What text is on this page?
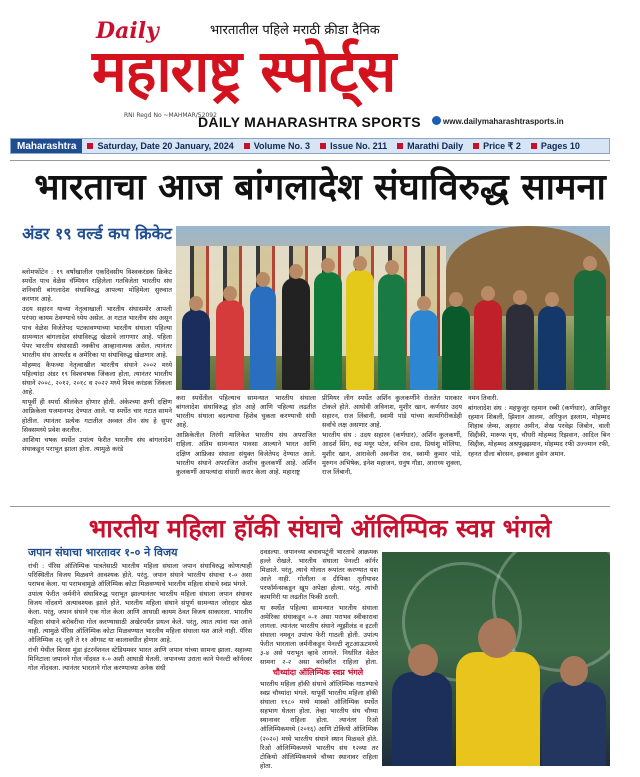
Daily	भारतातील पहिले मराठी क्रीडा दैनिक
महाराष्ट्र स्पोर्ट्स
RNI Regd No ~MAHMAR/52092
DAILY MAHARASHTRA SPORTS	www.dailymaharashtrasports.in
Maharashtra	Saturday, Date 20 January, 2024 Volume No. 3 Issue No. 211 Marathi Daily Price ₹ 2 Pages 10
भारताचा आज बांगलादेश संघाविरुद्ध सामना
अंडर १९ वर्ल्ड कप क्रिकेट

ब्लोमफोंटेन : १९ वर्षांखालील एकदिवसीय विश्वकरंडक क्रिकेट स्पर्धेत पाच वेळेस चॅम्पियन राहिलेला गतविजेता भारतीय संघ शनिवारी बांगलादेश संघाविरुद्ध आपल्या मोहिमेला सुरुवात करणार आहे.

उदय सहारन याच्या नेतृत्वाखाली भारतीय संघासमोर आपली परंपरा कायम ठेवण्याचे ध्येय असेल. अ गटात भारतीय संघ असून पाच वेळेस विजेतेपद पटकावण्याच्या भारतीय संघाला पहिल्या सामन्यात बांगलादेश संघाविरुद्ध खेळावे लागणार आहे. पहिला पेपर भारतीय संघासाठी नक्कीच आव्हानात्मक असेल. त्यानंतर भारतीय संघ आयर्लंड व अमेरिका या संघांविरुद्ध खेळणार आहे.

मोहम्मद कैफच्या नेतृत्वाखील भारतीय संघाने २००२ मध्ये पहिल्यांदा अंडर १९ विश्वचषक जिंकला होता, त्यानंतर भारतीय संघाने २००८, २०१२, २०१८ व २०२२ मध्ये विश्व करंडक जिंकला आहे.

यापूर्वी ही स्पर्धा श्रीलंकेत होणार होती. अंकेश्च्या क्षणी दक्षिण आफ्रिकेला यजमानपद देण्यात आले. या स्पर्धेत चार गटात सामने होतील. त्यानंतर प्रत्येक गटातील अव्वल तीन संघ हे सुपर सिक्समध्ये प्रवेश करतील.

आशिया चषक स्पर्धेत उपांत्य फेरीत भारतीय संघ बांगलादेश संघाकडून पराभूत झाला होता. त्यामुळे करंडे

करा स्पर्धेतील पहिल्याच सामन्यात भारतीय संघाला बांगलादेश संघाविरुद्ध होत आहे आणि पहिल्या लढतीत भारतीय संघाला बदल्याचा हिशेब चुकता करण्याची संधी आहे.

आफ्रिकेतील तिरंगी मालिकेत भारतीय संघ अपराजित राहिला. अंतिम सामन्यात पावसा आल्याने भारत आणि दक्षिण आफ्रिका संघाला संयुक्त विजेतेपद देण्यात आले. भारतीय संघाने अपराजित अशीच कुलकर्णी आहे. अर्शिन कुलकर्णी आपल्यांदा संधारी करार केला आहे. महाराष्ट्र

प्रीमियर लीग स्पर्धेत अर्शिन कुलकर्णीने रोलतेत पारकार टोकले होते. आघोवी अविनाश, मुशीर खान, कर्णधार उदय सहारन, राज लिंबानी, स्वामी पांडे यांच्या कामगिरीकडेही सर्वांचे लक्ष असणार आहे.

भारतीय संघ : उदय सहारन (कर्णधार), अर्शिन कुलकर्णी, आदर्श सिंग, रुद्र मयूर पटेल, सचिन दास, प्रियांशु मोलिया, मुशीर खान, आरावेली अवनीश राव, स्वामी कुमार पांडे, मुरुगन अभिषेक, इनेश महाजन, धनुष गौडा, आराध्य शुक्ला, राज लिंबानी,

नमन तिवारी.

बांगलादेश संघ : महफुजूर रहमान रब्बी (कर्णधार), आशिकूर रहमान शिबली, झिशान आलम, अरिफुल इस्लाम, मोहम्मद शिहाब जेम्स, अहरार अमीन, शेख परवेझ जिबोन, वाली सिद्दीकी, मारूफ मृध, चौधरी मोहम्मद रिझवान, आदिल बिन सिद्दीक, मोहम्मद अश्रफुझ्झमान, मोहम्मद रफी उज्ज्मान रफी, रहनत दौला बोरसन, इक्बाल हुसेन अमान.

भारतीय महिला हॉकी संघाचे ऑलिम्पिक स्वप्न भंगले
जपान संघाचा भारतावर १-० ने विजय

रांची : पॅरिस ऑलिम्पिक पात्रतेसाठी भारतीय महिला संघाला जपान संघाविरुद्ध कोणत्याही परिस्थितीत विजय मिळवणे आवश्यक होते. परंतु, जपान संघाने भारतीय संघाचा १-० असा पराभव केला. या पराभवामुळे ऑलिम्पिक कोटा मिळवण्याचे भारतीय महिला संघाचे स्वप्न भंगले.

उपांत्य फेरीत जर्मनीने संघाविरुद्ध पराभूत झाल्यानंतर भारतीय महिला संघाला जपान संघावर विजय नोंदवणे अत्यावश्यक झाले होते. भारतीय महिला संघाने संपूर्ण सामन्यात जोरदार खेळ केला. परंतु, जपान संघाने एक गोल केला आणि आघाडी कायम ठेवत विजय साकारला. भारतीय महिला संघाने बरोबरीचा गोल करण्यासाठी अखेरपर्यंत प्रयत्न केले. परंतु, त्यात त्यांना यश आले नाही. त्यामुळे पॅरिस ऑलिम्पिक कोटा मिळवण्यात भारतीय महिला संघाला यश आले नाही. पॅरिस ऑलिम्पिक २६ जुलै ते ११ ऑगस्ट या कालावधीत होणार आहे.

रांची येथील बिरसा मुंडा इंटरनॅशनल स्टेडियमवर भारत आणि जपान यांच्या सामना झाला. सहाव्या मिनिटाला जपानने गोल नोंदवत १-० अशी आघाडी घेतली. जपानच्या उराता काने पेनल्टी कॉर्नरवर गोल नोंदवला. त्यानंतर भारताने गोल करण्याच्या अनेक संधी

दवडल्या. जपानच्या बचावपटूंनी भारताचे आक्रमक हल्ले रोखले. भारतीय संघाला पेनल्टी कॉर्नर मिळाले. परंतु, त्याचे गोलात रूपांतर करण्यात यश आले नाही. गोलीला व दीपिका तृतीयावर परफॉर्मन्सकडून खूप अपेक्षा होत्या. परंतु, त्यांची कामगिरी या लढतीत फिकी ठरली.

या स्पर्धेत पहिल्या सामन्यात भारतीय संघाला अमेरिका संघाकडून ०-१ असा पराभव स्वीकारावा लागला. त्यानंतर भारतीय संघाने न्यूझीलंड व इटली संघाला नमवून उपांत्य फेरी गाठली होती. उपांत्य फेरीत भारताला जर्मनीकडून पेनल्टी शूटआऊटमध्ये ३-४ असे पराभूत व्हावे लागले. निर्धारित वेळेत सामना २-२ असा बरोबरीत राहिला होता.

चौथ्यांदा ऑलिम्पिक स्वप्न भंगले

भारतीय महिला हॉकी संघाचे ऑलिम्पिक गाठण्याचे स्वप्न चौथ्यांदा भंगले. यापूर्वी भारतीय महिला हॉकी संघाला १९८० मध्ये मास्को ऑलिम्पिक स्पर्धेत सहभाग घेतला होता. तेव्हा भारतीय संघ चौथ्या स्थानावर राहिला होता. त्यानंतर रिओ ऑलिम्पिकमध्ये (२०१६) आणि टोकियो ऑलिम्पिक (२०२०) मध्ये भारतीय संघाने स्थान मिळवले होते. रिओ ऑलिम्पिकमध्ये भारतीय संघ १२व्या तर टोकियो ऑलिम्पिकमध्ये चौथ्या स्थानावर राहिला होता.
